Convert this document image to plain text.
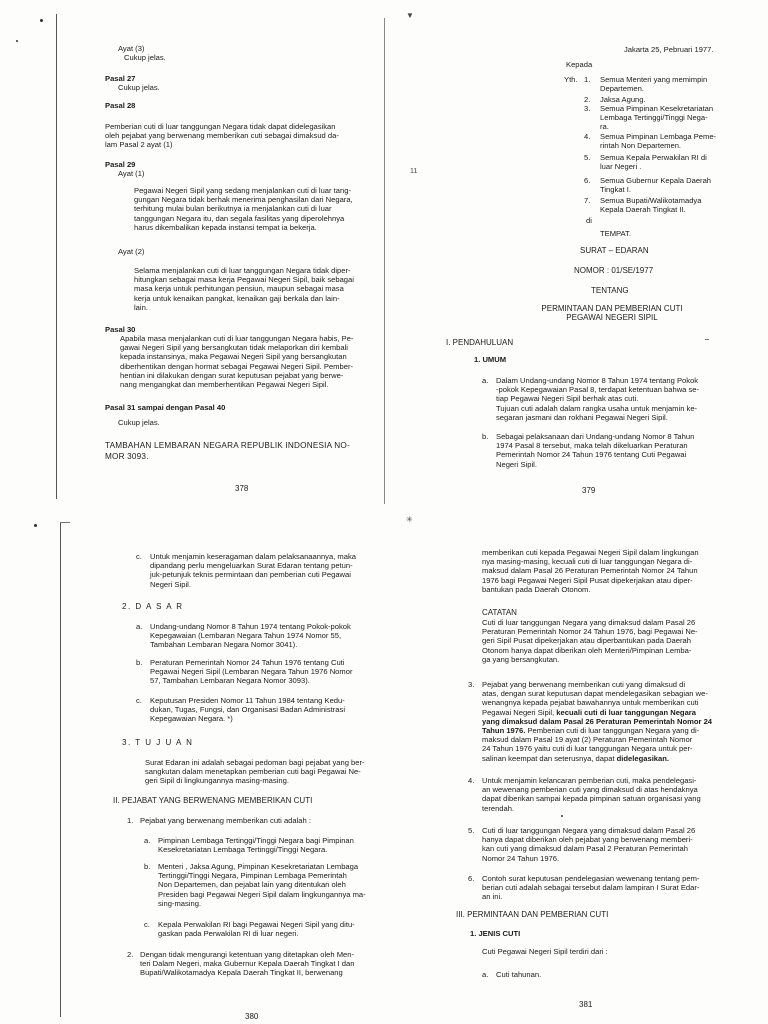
Ayat (3)

Cukup jelas.

Pasal 27

Cukup jelas.

Pasal 28

Pemberian cuti di luar tanggungan Negara tidak dapat didelegasikan
oleh pejabat yang berwenang memberikan cuti sebagai dimaksud da-
lam Pasal 2 ayat (1)

Pasal 29

Ayat (1)

Pegawai Negeri Sipil yang sedang menjalankan cuti di luar tang-
gungan Negara tidak berhak menerima penghasilan dari Negara,
terhitung mulai bulan berikutnya ia menjalankan cuti di luar
tanggungan Negara itu, dan segala fasilitas yang diperolehnya
harus dikembalikan kepada instansi tempat ia bekerja.

Ayat (2)

Selama menjalankan cuti di luar tanggungan Negara tidak diper-
hitungkan sebagai masa kerja Pegawai Negeri Sipil, baik sebagai
masa kerja untuk perhitungan pensiun, maupun sebagai masa
kerja untuk kenaikan pangkat, kenaikan gaji berkala dan lain-
lain.

Pasal 30

Apabila masa menjalankan cuti di luar tanggungan Negara habis, Pe-
gawai Negeri Sipil yang bersangkutan tidak melaporkan diri kembali
kepada instansinya, maka Pegawai Negeri Sipil yang bersangkutan
diberhentikan dengan hormat sebagai Pegawai Negeri Sipil. Pember-
hentian ini dilakukan dengan surat keputusan pejabat yang berwe-
nang mengangkat dan memberhentikan Pegawai Negeri Sipil.

Pasal 31 sampai dengan Pasal 40

Cukup jelas.

TAMBAHAN LEMBARAN NEGARA REPUBLIK INDONESIA NO-
MOR 3093.

378
▼
11

Jakarta 25, Pebruari 1977.

Kepada

Yth. 1. Semua Menteri yang memimpin
Departemen.

2. Jaksa Agung.

3. Semua Pimpinan Kesekretariatan
Lembaga Tertinggi/Tinggi Nega-
ra.

4. Semua Pimpinan Lembaga Peme-
rintah Non Departemen.

5. Semua Kepala Perwakilan RI di
luar Negeri .

6. Semua Gubernur Kepala Daerah
Tingkat I.

7. Semua Bupati/Walikotamadya
Kepala Daerah Tingkat II.

di

TEMPAT.

SURAT – EDARAN

NOMOR : 01/SE/1977

TENTANG

PERMINTAAN DAN PEMBERIAN CUTI
PEGAWAI NEGERI SIPIL

I. PENDAHULUAN

1. UMUM

a. Dalam Undang-undang Nomor 8 Tahun 1974 tentang Pokok
-pokok Kepegawaian Pasal 8, terdapat ketentuan bahwa se-
tiap Pegawai Negeri Sipil berhak atas cuti.
Tujuan cuti adalah dalam rangka usaha untuk menjamin ke-
segaran jasmani dan rokhani Pegawai Negeri Sipil.

b. Sebagai pelaksanaan dari Undang-undang Nomor 8 Tahun
1974 Pasal 8 tersebut, maka telah dikeluarkan Peraturan
Pemerintah Nomor 24 Tahun 1976 tentang Cuti Pegawai
Negeri Sipil.

379

c. Untuk menjamin keseragaman dalam pelaksanaannya, maka
dipandang perlu mengeluarkan Surat Edaran tentang petun-
juk-petunjuk teknis permintaan dan pemberian cuti Pegawai
Negeri Sipil.

2. D A S A R

a. Undang-undang Nomor 8 Tahun 1974 tentang Pokok-pokok
Kepegawaian (Lembaran Negara Tahun 1974 Nomor 55,
Tambahan Lembaran Negara Nomor 3041).

b. Peraturan Pemerintah Nomor 24 Tahun 1976 tentang Cuti
Pegawai Negeri Sipil (Lembaran Negara Tahun 1976 Nomor
57, Tambahan Lembaran Negara Nomor 3093).

c. Keputusan Presiden Nomor 11 Tahun 1984 tentang Kedu-
dukan, Tugas, Fungsi, dan Organisasi Badan Administrasi
Kepegawaian Negara. *)

3. T U J U A N

Surat Edaran ini adalah sebagai pedoman bagi pejabat yang ber-
sangkutan dalam menetapkan pemberian cuti bagi Pegawai Ne-
geri Sipil di lingkungannya masing-masing.

II. PEJABAT YANG BERWENANG MEMBERIKAN CUTI

1. Pejabat yang berwenang memberikan cuti adalah :

a. Pimpinan Lembaga Tertinggi/Tinggi Negara bagi Pimpinan
Kesekretariatan Lembaga Tertinggi/Tinggi Negara.

b. Menteri , Jaksa Agung, Pimpinan Kesekretariatan Lembaga
Tertinggi/Tinggi Negara, Pimpinan Lembaga Pemerintah
Non Departemen, dan pejabat lain yang ditentukan oleh
Presiden bagi Pegawai Negeri Sipil dalam lingkungannya ma-
sing-masing.

c. Kepala Perwakilan RI bagi Pegawai Negeri Sipil yang ditu-
gaskan pada Perwakilan RI di luar negeri.

2. Dengan tidak mengurangi ketentuan yang ditetapkan oleh Men-
teri Dalam Negeri, maka Gubernur Kepala Daerah Tingkat I dan
Bupati/Walikotamadya Kepala Daerah Tingkat II, berwenang

380
✳

memberikan cuti kepada Pegawai Negeri Sipil dalam lingkungan
nya masing-masing, kecuali cuti di luar tanggungan Negara di-
maksud dalam Pasal 26 Peraturan Pemerintah Nomor 24 Tahun
1976 bagi Pegawai Negeri Sipil Pusat dipekerjakan atau diper-
bantukan pada Daerah Otonom.

CATATAN

Cuti di luar tanggungan Negara yang dimaksud dalam Pasal 26
Peraturan Pemerintah Nomor 24 Tahun 1976, bagi Pegawai Ne-
geri Sipil Pusat dipekerjakan atau diperbantukan pada Daerah
Otonom hanya dapat diberikan oleh Menteri/Pimpinan Lemba-
ga yang bersangkutan.

3. Pejabat yang berwenang memberikan cuti yang dimaksud di
atas, dengan surat keputusan dapat mendelegasikan sebagian we-
wenangnya kepada pejabat bawahannya untuk memberikan cuti
Pegawai Negeri Sipil, kecuali cuti di luar tanggungan Negara
yang dimaksud dalam Pasal 26 Peraturan Pemerintah Nomor 24
Tahun 1976. Pemberian cuti di luar tanggungan Negara yang di-
maksud dalam Pasal 19 ayat (2) Peraturan Pemerintah Nomor
24 Tahun 1976 yaitu cuti di luar tanggungan Negara untuk per-
salinan keempat dan seterusnya, dapat didelegasikan.

4. Untuk menjamin kelancaran pemberian cuti, maka pendelegasi-
an wewenang pemberian cuti yang dimaksud di atas hendaknya
dapat diberikan sampai kepada pimpinan satuan organisasi yang
terendah.

5. Cuti di luar tanggungan Negara yang dimaksud dalam Pasal 26
hanya dapat diberikan oleh pejabat yang berwenang memberi-
kan cuti yang dimaksud dalam Pasal 2 Peraturan Pemerintah
Nomor 24 Tahun 1976.

6. Contoh surat keputusan pendelegasian wewenang tentang pem-
berian cuti adalah sebagai tersebut dalam lampiran I Surat Edar-
an ini.

III. PERMINTAAN DAN PEMBERIAN CUTI

1. JENIS CUTI

Cuti Pegawai Negeri Sipil terdiri dari :

a. Cuti tahunan.

381
